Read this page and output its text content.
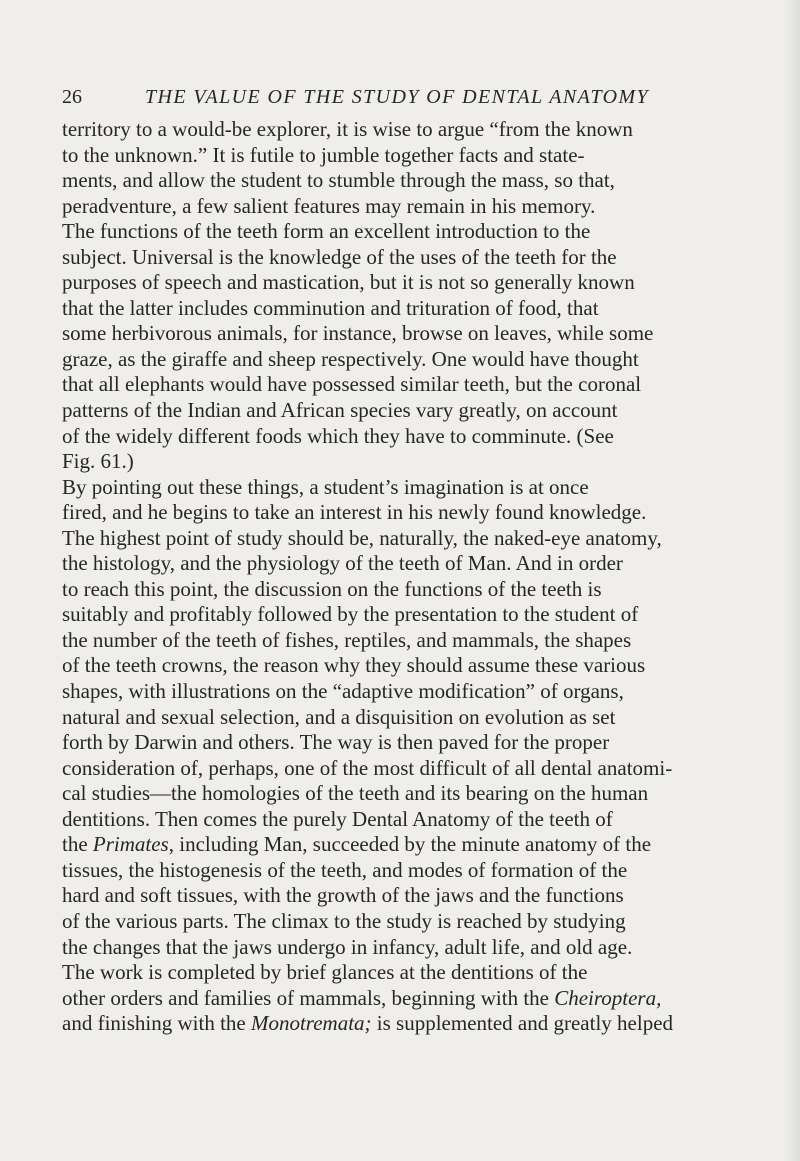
26	THE VALUE OF THE STUDY OF DENTAL ANATOMY
territory to a would-be explorer, it is wise to argue “from the known
to the unknown.” It is futile to jumble together facts and state-
ments, and allow the student to stumble through the mass, so that,
peradventure, a few salient features may remain in his memory.
The functions of the teeth form an excellent introduction to the
subject. Universal is the knowledge of the uses of the teeth for the
purposes of speech and mastication, but it is not so generally known
that the latter includes comminution and trituration of food, that
some herbivorous animals, for instance, browse on leaves, while some
graze, as the giraffe and sheep respectively. One would have thought
that all elephants would have possessed similar teeth, but the coronal
patterns of the Indian and African species vary greatly, on account
of the widely different foods which they have to comminute. (See
Fig. 61.)
By pointing out these things, a student’s imagination is at once
fired, and he begins to take an interest in his newly found knowledge.
The highest point of study should be, naturally, the naked-eye anatomy,
the histology, and the physiology of the teeth of Man. And in order
to reach this point, the discussion on the functions of the teeth is
suitably and profitably followed by the presentation to the student of
the number of the teeth of fishes, reptiles, and mammals, the shapes
of the teeth crowns, the reason why they should assume these various
shapes, with illustrations on the “adaptive modification” of organs,
natural and sexual selection, and a disquisition on evolution as set
forth by Darwin and others. The way is then paved for the proper
consideration of, perhaps, one of the most difficult of all dental anatomi-
cal studies—the homologies of the teeth and its bearing on the human
dentitions. Then comes the purely Dental Anatomy of the teeth of
the Primates, including Man, succeeded by the minute anatomy of the
tissues, the histogenesis of the teeth, and modes of formation of the
hard and soft tissues, with the growth of the jaws and the functions
of the various parts. The climax to the study is reached by studying
the changes that the jaws undergo in infancy, adult life, and old age.
The work is completed by brief glances at the dentitions of the
other orders and families of mammals, beginning with the Cheiroptera,
and finishing with the Monotremata; is supplemented and greatly helped
